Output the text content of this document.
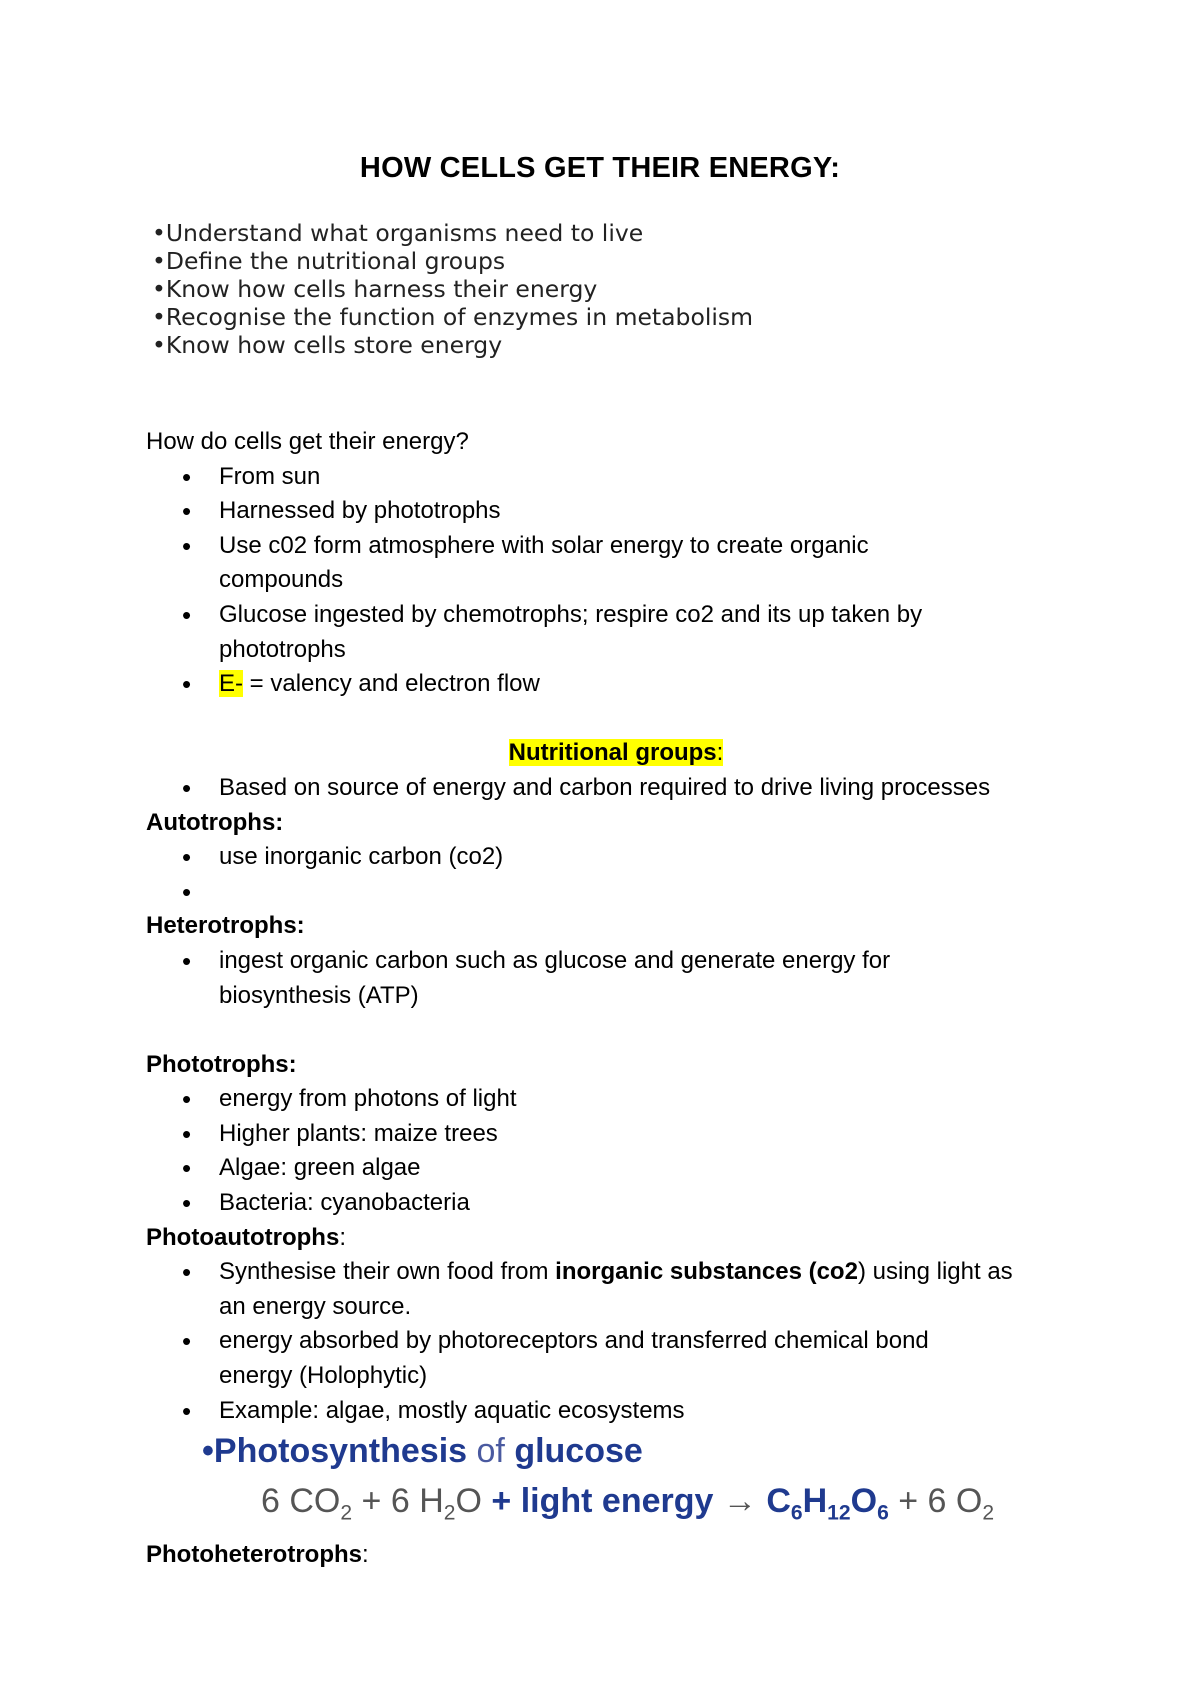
HOW CELLS GET THEIR ENERGY:
•Understand what organisms need to live
•Define the nutritional groups
•Know how cells harness their energy
•Recognise the function of enzymes in metabolism
•Know how cells store energy
How do cells get their energy?
• From sun
• Harnessed by phototrophs
• Use c02 form atmosphere with solar energy to create organic
compounds
• Glucose ingested by chemotrophs; respire co2 and its up taken by
phototrophs
• E- = valency and electron flow
Nutritional groups:
• Based on source of energy and carbon required to drive living processes
Autotrophs:
• use inorganic carbon (co2)
•
Heterotrophs:
• ingest organic carbon such as glucose and generate energy for
biosynthesis (ATP)
Phototrophs:
• energy from photons of light
• Higher plants: maize trees
• Algae: green algae
• Bacteria: cyanobacteria
Photoautotrophs:
• Synthesise their own food from inorganic substances (co2) using light as
an energy source.
• energy absorbed by photoreceptors and transferred chemical bond
energy (Holophytic)
• Example: algae, mostly aquatic ecosystems
•Photosynthesis of glucose
6 $CO_2 + 6$ $H_2O$ + light energy → $C_6H_{12}O_6 + 6$ $O_2$
Photoheterotrophs:
